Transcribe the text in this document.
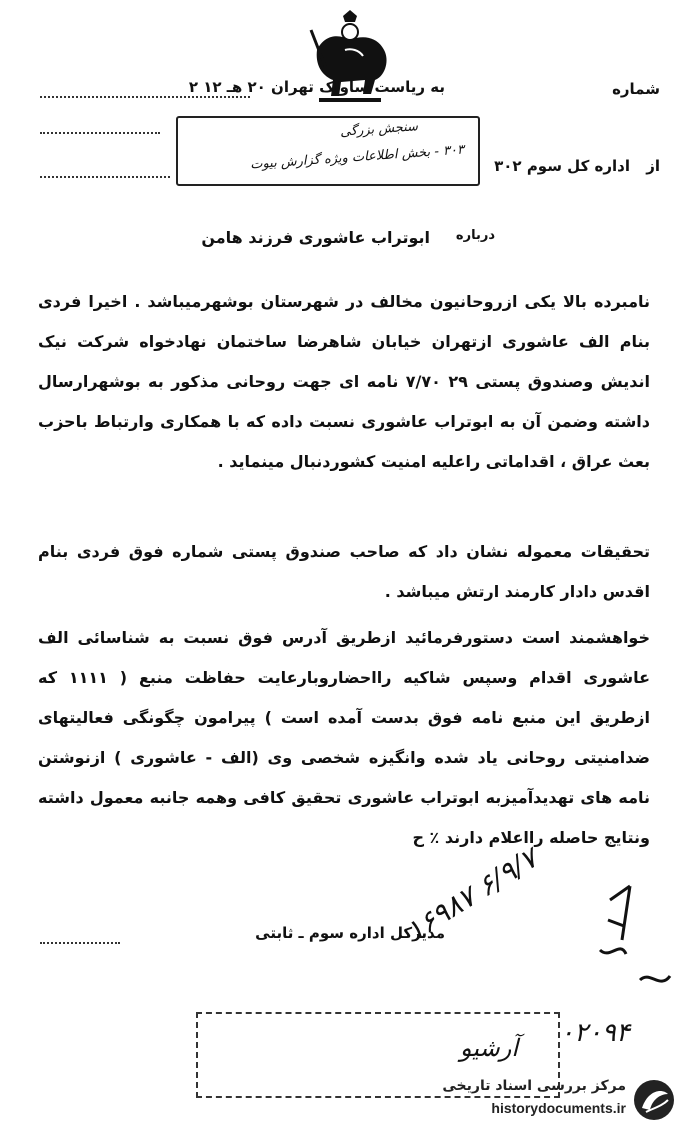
به ریاست ساواک تهران ۲۰ هـ ۱۲ ۲	شماره
سنجش بزرگی
۳۰۳ - بخش اطلاعات ویژه گزارش بیوت
اداره کل سوم ۳۰۲ از
درباره
ابوتراب عاشوری فرزند هامن
نامبرده بالا یکی ازروحانیون مخالف در شهرستان بوشهرمیباشد . اخیرا فردی بنام الف عاشوری ازتهران خیابان شاهرضا ساختمان نهادخواه شرکت نیک اندیش وصندوق پستی ۲۹ ۷/۷۰ نامه ای جهت روحانی مذکور به بوشهرارسال داشته وضمن آن به ابوتراب عاشوری نسبت داده که با همکاری وارتباط باحزب بعث عراق ، اقداماتی راعلیه امنیت کشوردنبال مینماید .
تحقیقات معموله نشان داد که صاحب صندوق پستی شماره فوق فردی بنام اقدس دادار کارمند ارتش میباشد .
خواهشمند است دستورفرمائید ازطریق آدرس فوق نسبت به شناسائی الف عاشوری اقدام وسپس شاکیه رااحضاروبارعایت حفاظت منبع ( ۱۱۱۱ که ازطریق این منبع نامه فوق بدست آمده است ) پیرامون چگونگی فعالیتهای ضدامنیتی روحانی یاد شده وانگیزه شخصی وی (الف - عاشوری ) ازنوشتن نامه های تهدیدآمیزبه ابوتراب عاشوری تحقیق کافی وهمه جانبه معمول داشته ونتایج حاصله رااعلام دارند ٪ ح
مدیرکل اداره سوم ـ ثابتی
۱۶۹۸۷ ۶/۹/۷
آرشیو ۰۲۰۹۴
مرکز بررسی اسناد تاریخی
historydocuments.ir
